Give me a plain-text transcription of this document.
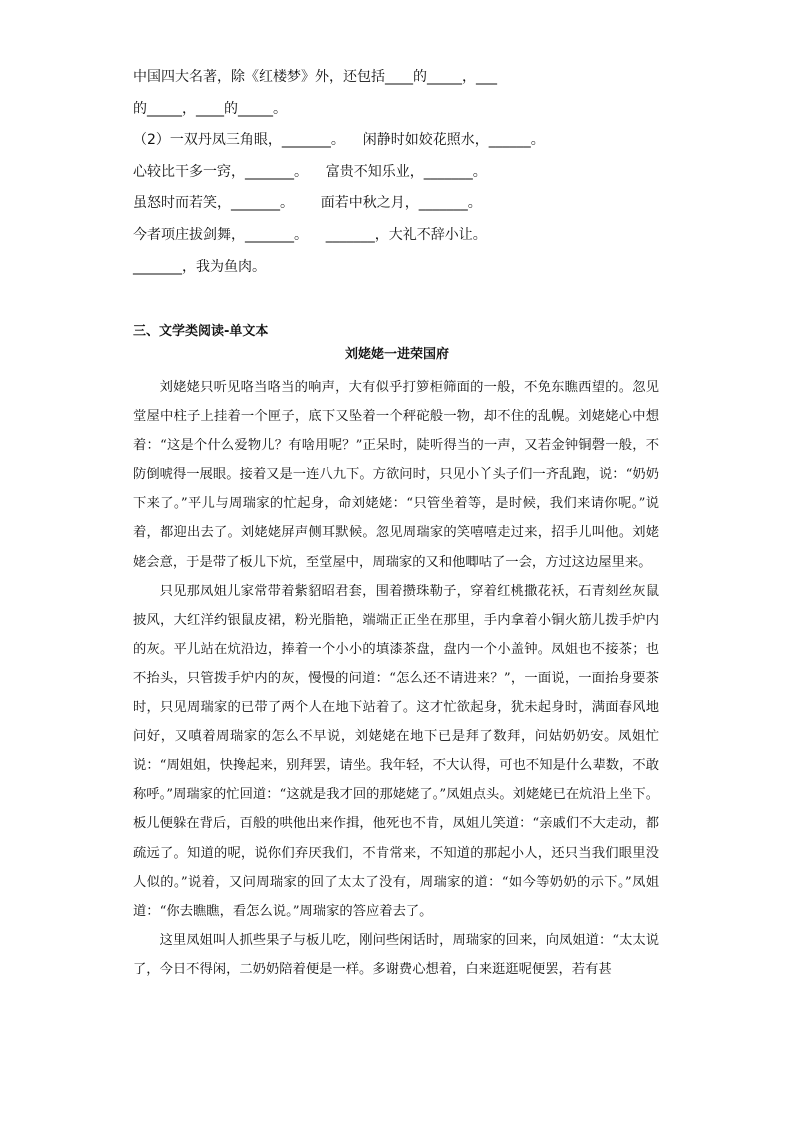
中国四大名著，除《红楼梦》外，还包括____的_____，___
的_____，____的_____。
（2）一双丹凤三角眼，_______。    闲静时如姣花照水，______。
心较比干多一窍，_______。    富贵不知乐业，_______。
虽怒时而若笑，_______。      面若中秋之月，_______。
今者项庄拔剑舞，_______。    _______，大礼不辞小让。
_______，我为鱼肉。
三、文学类阅读-单文本
刘姥姥一进荣国府

刘姥姥只听见咯当咯当的响声，大有似乎打箩柜筛面的一般，不免东瞧西望的。忽见堂屋中柱子上挂着一个匣子，底下又坠着一个秤砣般一物，却不住的乱幌。刘姥姥心中想着：“这是个什么爱物儿？有啥用呢？”正呆时，陡听得当的一声，又若金钟铜磬一般，不防倒唬得一展眼。接着又是一连八九下。方欲问时，只见小丫头子们一齐乱跑，说：“奶奶下来了。”平儿与周瑞家的忙起身，命刘姥姥：“只管坐着等，是时候，我们来请你呢。”说着，都迎出去了。刘姥姥屏声侧耳默候。忽见周瑞家的笑嘻嘻走过来，招手儿叫他。刘姥姥会意，于是带了板儿下炕，至堂屋中，周瑞家的又和他唧咕了一会，方过这边屋里来。

只见那凤姐儿家常带着紫貂昭君套，围着攒珠勒子，穿着红桃撒花袄，石青刻丝灰鼠披风，大红洋约银鼠皮裙，粉光脂艳，端端正正坐在那里，手内拿着小铜火筋儿拨手炉内的灰。平儿站在炕沿边，捧着一个小小的填漆茶盘，盘内一个小盖钟。凤姐也不接茶；也不抬头，只管拨手炉内的灰，慢慢的问道：“怎么还不请进来？”，一面说，一面抬身要茶时，只见周瑞家的已带了两个人在地下站着了。这才忙欲起身，犹未起身时，满面春风地问好，又嗔着周瑞家的怎么不早说，刘姥姥在地下已是拜了数拜，问姑奶奶安。凤姐忙说：“周姐姐，快搀起来，别拜罢，请坐。我年轻，不大认得，可也不知是什么辈数，不敢称呼。”周瑞家的忙回道：“这就是我才回的那姥姥了。”凤姐点头。刘姥姥已在炕沿上坐下。板儿便躲在背后，百般的哄他出来作揖，他死也不肯，凤姐儿笑道：“亲戚们不大走动，都疏远了。知道的呢，说你们弃厌我们，不肯常来，不知道的那起小人，还只当我们眼里没人似的。”说着，又问周瑞家的回了太太了没有，周瑞家的道：“如今等奶奶的示下。”凤姐道：“你去瞧瞧，看怎么说。”周瑞家的答应着去了。

这里凤姐叫人抓些果子与板儿吃，刚问些闲话时，周瑞家的回来，向凤姐道：“太太说了，今日不得闲，二奶奶陪着便是一样。多谢费心想着，白来逛逛呢便罢，若有甚
